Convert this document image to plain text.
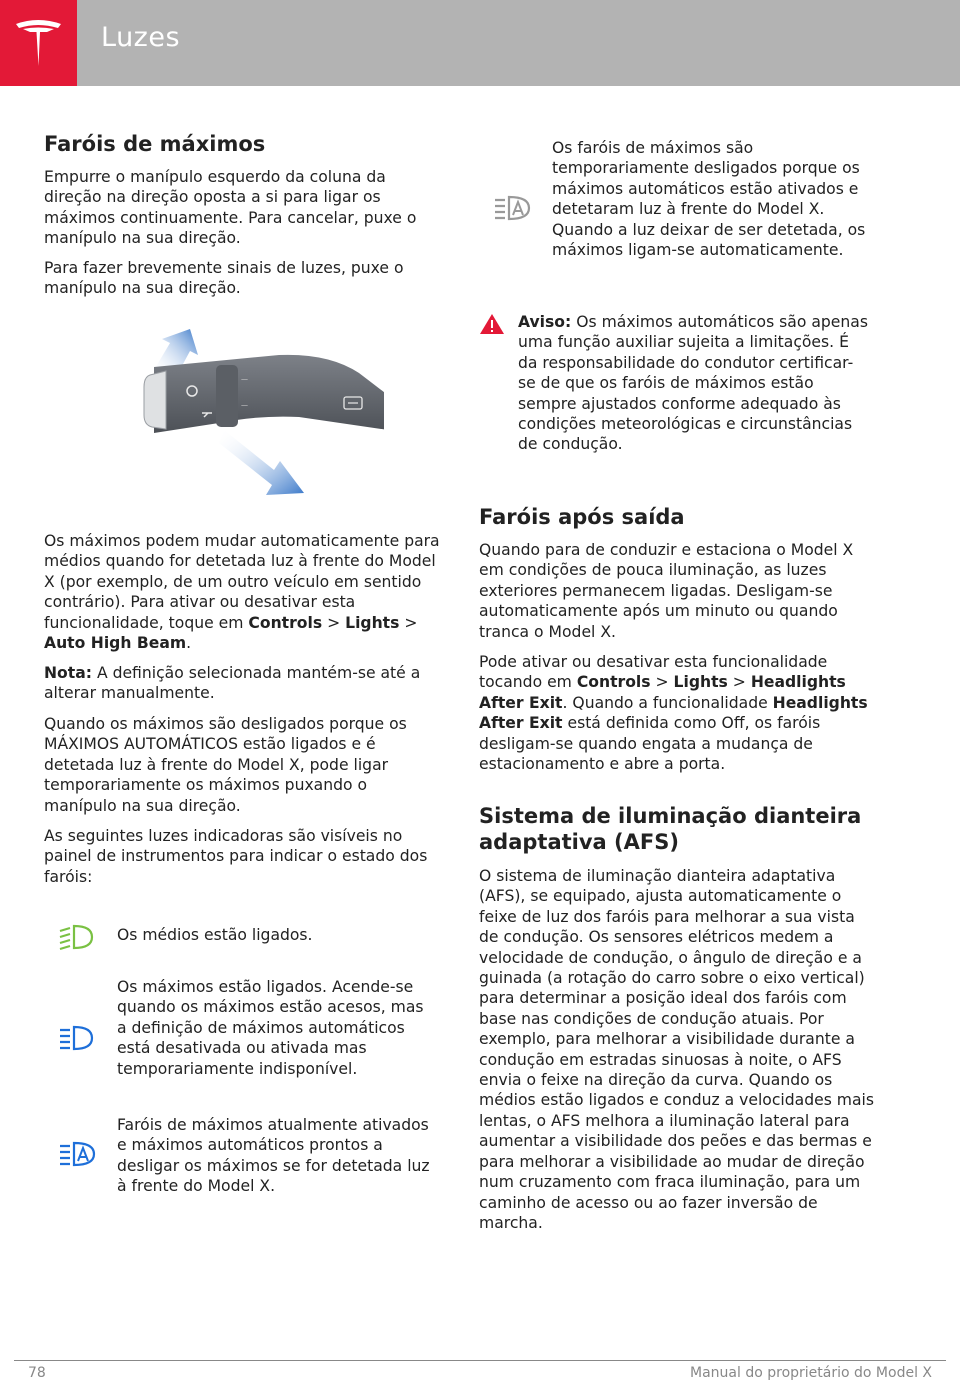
Luzes
Faróis de máximos

Empurre o manípulo esquerdo da coluna da direção na direção oposta a si para ligar os máximos continuamente. Para cancelar, puxe o manípulo na sua direção.

Para fazer brevemente sinais de luzes, puxe o manípulo na sua direção.

—
—

Os máximos podem mudar automaticamente para médios quando for detetada luz à frente do Model X (por exemplo, de um outro veículo em sentido contrário). Para ativar ou desativar esta funcionalidade, toque em Controls > Lights > Auto High Beam.

Nota: A definição selecionada mantém-se até a alterar manualmente.

Quando os máximos são desligados porque os MÁXIMOS AUTOMÁTICOS estão ligados e é detetada luz à frente do Model X, pode ligar temporariamente os máximos puxando o manípulo na sua direção.

As seguintes luzes indicadoras são visíveis no painel de instrumentos para indicar o estado dos faróis:

Os médios estão ligados.
Os máximos estão ligados. Acende-se quando os máximos estão acesos, mas a definição de máximos automáticos está desativada ou ativada mas temporariamente indisponível.
Faróis de máximos atualmente ativados e máximos automáticos prontos a desligar os máximos se for detetada luz à frente do Model X.
Os faróis de máximos são temporariamente desligados porque os máximos automáticos estão ativados e detetaram luz à frente do Model X. Quando a luz deixar de ser detetada, os máximos ligam-se automaticamente.

Aviso: Os máximos automáticos são apenas uma função auxiliar sujeita a limitações. É da responsabilidade do condutor certificar-se de que os faróis de máximos estão sempre ajustados conforme adequado às condições meteorológicas e circunstâncias de condução.

Faróis após saída

Quando para de conduzir e estaciona o Model X em condições de pouca iluminação, as luzes exteriores permanecem ligadas. Desligam-se automaticamente após um minuto ou quando tranca o Model X.

Pode ativar ou desativar esta funcionalidade tocando em Controls > Lights > Headlights After Exit. Quando a funcionalidade Headlights After Exit está definida como Off, os faróis desligam-se quando engata a mudança de estacionamento e abre a porta.

Sistema de iluminação dianteira adaptativa (AFS)

O sistema de iluminação dianteira adaptativa (AFS), se equipado, ajusta automaticamente o feixe de luz dos faróis para melhorar a sua vista de condução. Os sensores elétricos medem a velocidade de condução, o ângulo de direção e a guinada (a rotação do carro sobre o eixo vertical) para determinar a posição ideal dos faróis com base nas condições de condução atuais. Por exemplo, para melhorar a visibilidade durante a condução em estradas sinuosas à noite, o AFS envia o feixe na direção da curva. Quando os médios estão ligados e conduz a velocidades mais lentas, o AFS melhora a iluminação lateral para aumentar a visibilidade dos peões e das bermas e para melhorar a visibilidade ao mudar de direção num cruzamento com fraca iluminação, para um caminho de acesso ou ao fazer inversão de marcha.

78	Manual do proprietário do Model X
